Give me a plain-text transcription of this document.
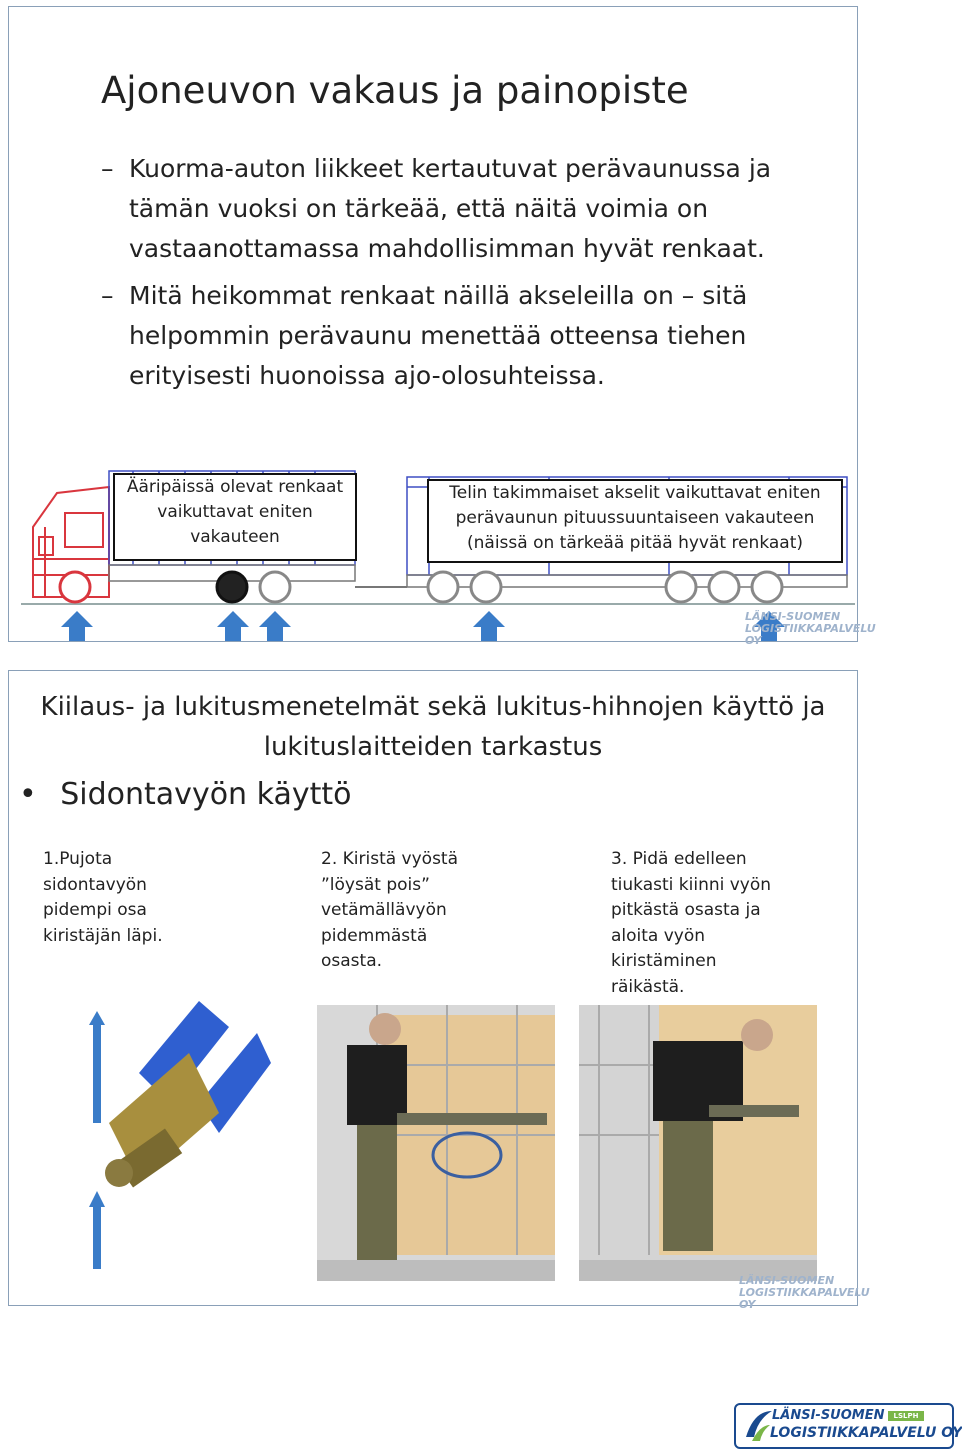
Ajoneuvon vakaus ja painopiste
– Kuorma-auton liikkeet kertautuvat perävaunussa ja tämän vuoksi on tärkeää, että näitä voimia on vastaanottamassa mahdollisimman hyvät renkaat.
– Mitä heikommat renkaat näillä akseleilla on – sitä helpommin perävaunu menettää otteensa tiehen erityisesti huonoissa ajo-olosuhteissa.
Ääripäissä olevat renkaat
vaikuttavat eniten
vakauteen
Telin takimmaiset akselit vaikuttavat eniten
perävaunun pituussuuntaiseen vakauteen
(näissä on tärkeää pitää hyvät renkaat)
LÄNSI-SUOMEN
LOGISTIIKKAPALVELU OY
Kiilaus- ja lukitusmenetelmät sekä lukitus-hihnojen käyttö ja
lukituslaitteiden tarkastus
• Sidontavyön käyttö
1.Pujota
sidontavyön
pidempi osa
kiristäjän läpi.
2. Kiristä vyöstä
”löysät pois”
vetämällävyön
pidemmästä
osasta.
3. Pidä edelleen
tiukasti kiinni vyön
pitkästä osasta ja
aloita vyön
kiristäminen
räikästä.
LÄNSI-SUOMEN
LOGISTIIKKAPALVELU OY
LÄNSI-SUOMEN	LSLPH
LOGISTIIKKAPALVELU OY
